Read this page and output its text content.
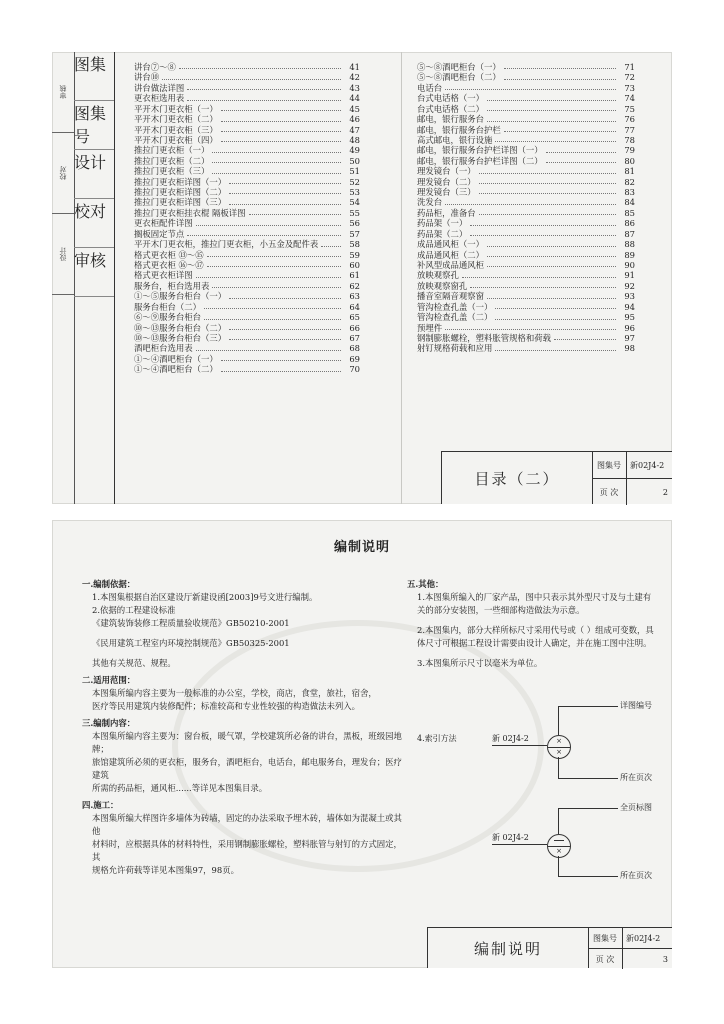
审核
校对
设计
图集
图集号
设计
校对
审核
讲台⑦～⑧	41
讲台⑩	42
讲台做法详图	43
更衣柜选用表	44
平开木门更衣柜（一）	45
平开木门更衣柜（二）	46
平开木门更衣柜（三）	47
平开木门更衣柜（四）	48
推拉门更衣柜（一）	49
推拉门更衣柜（二）	50
推拉门更衣柜（三）	51
推拉门更衣柜详图（一）	52
推拉门更衣柜详图（二）	53
推拉门更衣柜详图（三）	54
推拉门更衣柜挂衣棍 隔板详图	55
更衣柜配件详图	56
搁板固定节点	57
平开木门更衣柜，推拉门更衣柜，小五金及配件表	58
格式更衣柜 ⑬～⑮	59
格式更衣柜 ⑯～⑰	60
格式更衣柜详图	61
服务台，柜台选用表	62
①～⑤服务台柜台（一）	63
服务台柜台（二）	64
⑥～⑨服务台柜台	65
⑩～⑬服务台柜台（二）	66
⑩～⑬服务台柜台（三）	67
酒吧柜台选用表	68
①～④酒吧柜台（一）	69
①～④酒吧柜台（二）	70
⑤～⑧酒吧柜台（一）	71
⑤～⑧酒吧柜台（二）	72
电话台	73
台式电话格（一）	74
台式电话格（二）	75
邮电，银行服务台	76
邮电，银行服务台护栏	77
高式邮电，银行设施	78
邮电，银行服务台护栏详图（一）	79
邮电，银行服务台护栏详图（二）	80
理发镜台（一）	81
理发镜台（二）	82
理发镜台（三）	83
洗发台	84
药品柜，准备台	85
药品架（一）	86
药品架（二）	87
成品通风柜（一）	88
成品通风柜（二）	89
补风型成品通风柜	90
放映观察孔	91
放映观察窗孔	92
播音室隔音观察窗	93
管沟检查孔盖（一）	94
管沟检查孔盖（二）	95
预埋件	96
钢制膨胀螺栓，塑料胀管规格和荷载	97
射钉规格荷载和应用	98
目录（二）
图集号	新02J4-2
页 次	2
编制说明
一.编制依据：
1.本图集根据自治区建设厅新建设函[2003]9号文进行编制。
2.依据的工程建设标准
《建筑装饰装修工程质量验收规范》GB50210-2001
《民用建筑工程室内环境控制规范》GB50325-2001
其他有关规范、规程。
二.适用范围：
本图集所编内容主要为一般标准的办公室，学校，商店，食堂，旅社，宿舍，
医疗等民用建筑内装修配件；标准较高和专业性较强的构造做法未列入。
三.编制内容：
本图集所编内容主要为：窗台板，暖气罩，学校建筑所必备的讲台，黑板，班级园地牌；
旅馆建筑所必须的更衣柜，服务台，酒吧柜台，电话台，邮电服务台，理发台；医疗建筑
所需的药品柜，通风柜......等详见本图集目录。
四.施工：
本图集所编大样图许多墙体为砖墙，固定的办法采取予埋木砖，墙体如为混凝土或其他
材料时，应根据具体的材料特性，采用钢制膨胀螺栓，塑料胀管与射钉的方式固定，其
规格允许荷载等详见本图集97，98页。
五.其他：
1.本图集所编入的厂家产品，图中只表示其外型尺寸及与土建有
关的部分安装图，一些细部构造做法为示意。
2.本图集内，部分大样所标尺寸采用代号或（ ）组成可变数，具
体尺寸可根据工程设计需要由设计人确定，并在施工图中注明。
3.本图集所示尺寸以毫米为单位。
4.索引方法	新 02J4-2	×
×
详图编号
所在页次
新 02J4-2
×
全页标图
所在页次
编制说明
图集号	新02J4-2
页 次	3
